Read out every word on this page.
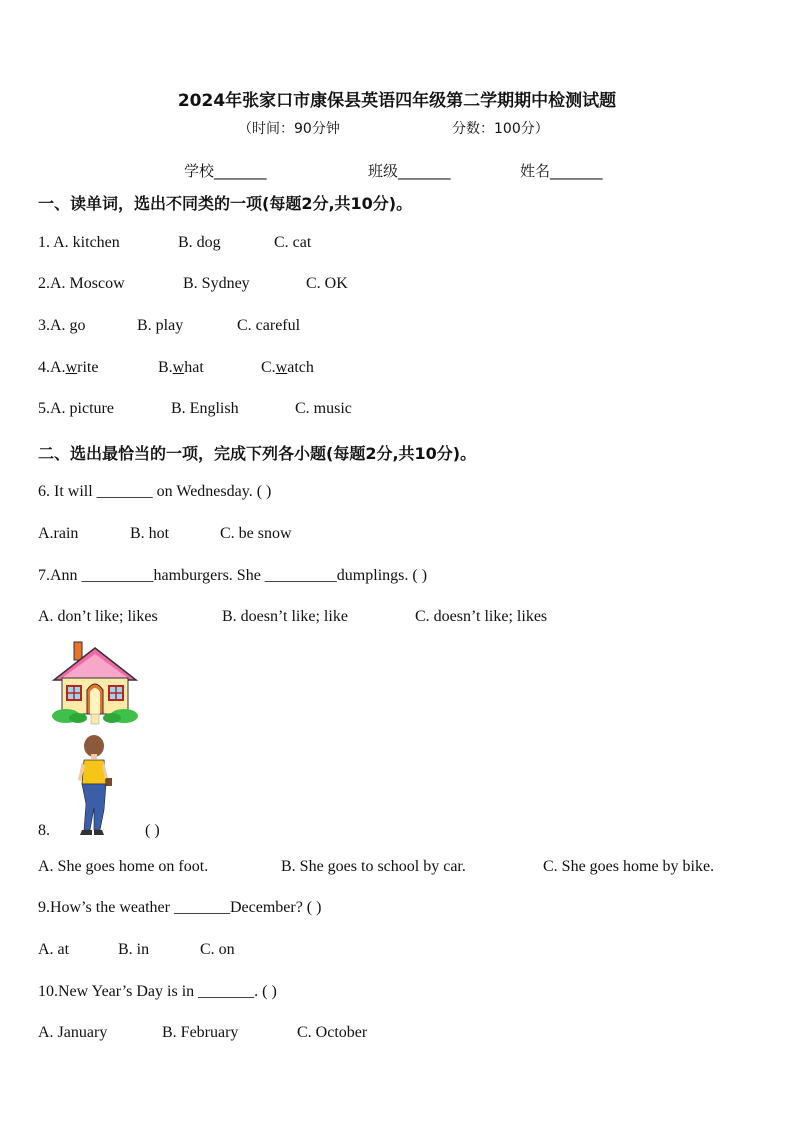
2024年张家口市康保县英语四年级第二学期期中检测试题
（时间：90分钟	分数：100分）
学校_______	班级_______	姓名_______
一、读单词，选出不同类的一项(每题2分,共10分)。
1. A. kitchen	B. dog	C. cat
2.A. Moscow	B. Sydney	C. OK
3.A. go	B. play	C. careful
4.A.write	B.what	C.watch
5.A. picture	B. English	C. music
二、选出最恰当的一项，完成下列各小题(每题2分,共10分)。
6. It will _______ on Wednesday. ( )
A.rain	B. hot	C. be snow
7.Ann _________hamburgers. She _________dumplings. ( )
A. don’t like; likes	B. doesn’t like; like	C. doesn’t like; likes
8.	( )
A. She goes home on foot.	B. She goes to school by car.	C. She goes home by bike.
9.How’s the weather _______December? ( )
A. at	B. in	C. on
10.New Year’s Day is in _______. ( )
A. January	B. February	C. October
